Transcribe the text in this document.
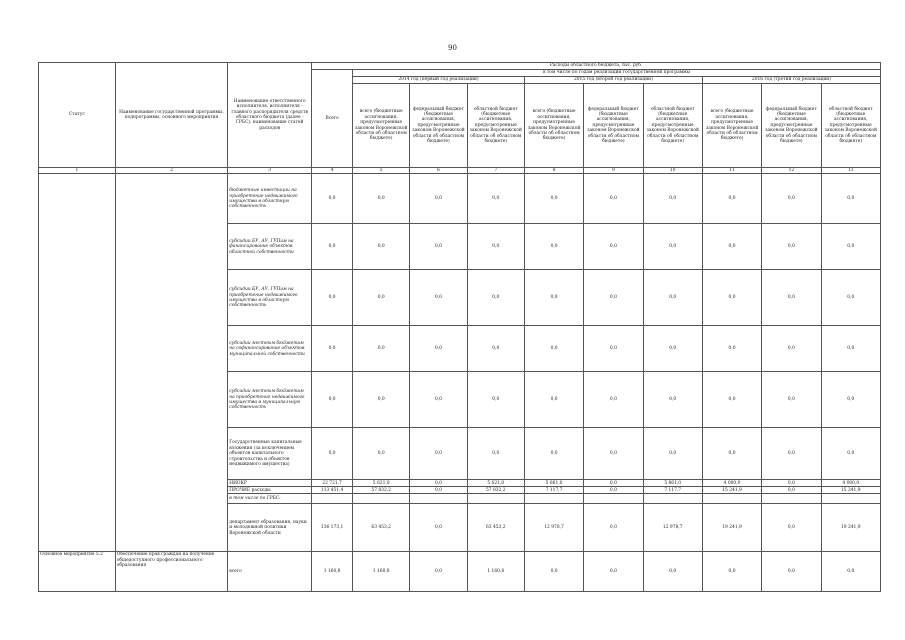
90
Статус	Наименование государственной программы, подпрограммы, основного мероприятия	Наименование ответственного исполнителя, исполнителя - главного распорядителя средств областного бюджета (далее - ГРБС), наименование статей расходов	Расходы областного бюджета, тыс. руб.									
			Всего	в том числе по годам реализации государственной программы								
				2014 год (первый год реализации)			2015 год (второй год реализации)			2016 год (третий год реализации)		
				всего (бюджетные ассигнования, предусмотренные законом Воронежской области об областном бюджете)	федеральный бюджет (бюджетные ассигнования, предусмотренные законом Воронежской области об областном бюджете)	областной бюджет (бюджетные ассигнования, предусмотренные законом Воронежской области об областном бюджете)	всего (бюджетные ассигнования, предусмотренные законом Воронежской области об областном бюджете)	федеральный бюджет (бюджетные ассигнования, предусмотренные законом Воронежской области об областном бюджете)	областной бюджет (бюджетные ассигнования, предусмотренные законом Воронежской области об областном бюджете)	всего (бюджетные ассигнования, предусмотренные законом Воронежской области об областном бюджете)	федеральный бюджет (бюджетные ассигнования, предусмотренные законом Воронежской области об областном бюджете)	областной бюджет (бюджетные ассигнования, предусмотренные законом Воронежской области об областном бюджете)
1	2	3	4	5	6	7	8	9	10	11	12	13
		бюджетные инвестиции на приобретение недвижимого имущества в областную собственность	0,0	0,0	0,0	0,0	0,0	0,0	0,0	0,0	0,0	0,0
		субсидии БУ, АУ, ГУПам на финансирование объектов областной собственности	0,0	0,0	0,0	0,0	0,0	0,0	0,0	0,0	0,0	0,0
		субсидии БУ, АУ, ГУПам на приобретение недвижимого имущества в областную собственность	0,0	0,0	0,0	0,0	0,0	0,0	0,0	0,0	0,0	0,0
		субсидии местным бюджетам на софинансирование объектов муниципальной собственности	0,0	0,0	0,0	0,0	0,0	0,0	0,0	0,0	0,0	0,0
		субсидии местным бюджетам на приобретение недвижимого имущества в муниципальную собственность	0,0	0,0	0,0	0,0	0,0	0,0	0,0	0,0	0,0	0,0
		Государственные капитальные вложения (за исключением объектов капитального строительства и объектов недвижимого имущества)	0,0	0,0	0,0	0,0	0,0	0,0	0,0	0,0	0,0	0,0
		НИОКР	22 721,7	5 621,0	0,0	5 621,0	5 861,0	0,0	5 861,0	4 000,0	0,0	4 000,0
		ПРОЧИЕ расходы	113 451,4	57 832,2	0,0	57 832,2	7 117,7	0,0	7 117,7	15 241,9	0,0	15 241,9
		в том числе по ГРБС:										
		департамент образования, науки и молодежной политики Воронежской области	136 173,1	63 453,2	0,0	63 453,2	12 978,7	0,0	12 978,7	19 241,9	0,0	19 241,9
Основное мероприятие 5.2	Обеспечение прав граждан на получение общедоступного профессионального образования	всего	1 160,8	1 160,8	0,0	1 160,8	0,0	0,0	0,0	0,0	0,0	0,0
